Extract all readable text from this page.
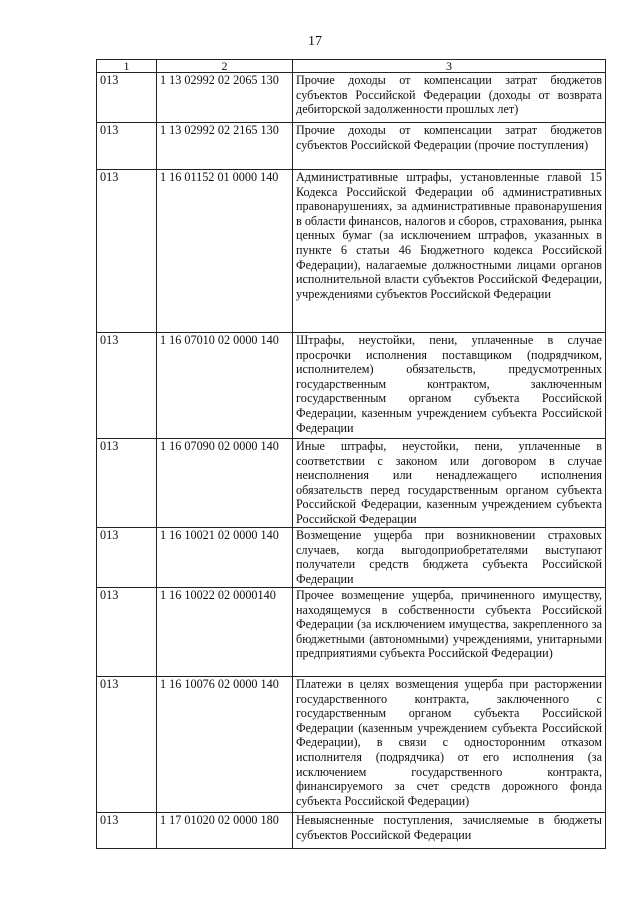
17
1	2	3
013	1 13 02992 02 2065 130	Прочие доходы от компенсации затрат бюджетов субъектов Российской Федерации (доходы от возврата дебиторской задолженности прошлых лет)
013	1 13 02992 02 2165 130	Прочие доходы от компенсации затрат бюджетов субъектов Российской Федерации (прочие поступления)
013	1 16 01152 01 0000 140	Административные штрафы, установленные главой 15 Кодекса Российской Федерации об административных правонарушениях, за административные правонарушения в области финансов, налогов и сборов, страхования, рынка ценных бумаг (за исключением штрафов, указанных в пункте 6 статьи 46 Бюджетного кодекса Российской Федерации), налагаемые должностными лицами органов исполнительной власти субъектов Российской Федерации, учреждениями субъектов Российской Федерации
013	1 16 07010 02 0000 140	Штрафы, неустойки, пени, уплаченные в случае просрочки исполнения поставщиком (подрядчиком, исполнителем) обязательств, предусмотренных государственным контрактом, заключенным государственным органом субъекта Российской Федерации, казенным учреждением субъекта Российской Федерации
013	1 16 07090 02 0000 140	Иные штрафы, неустойки, пени, уплаченные в соответствии с законом или договором в случае неисполнения или ненадлежащего исполнения обязательств перед государственным органом субъекта Российской Федерации, казенным учреждением субъекта Российской Федерации
013	1 16 10021 02 0000 140	Возмещение ущерба при возникновении страховых случаев, когда выгодоприобретателями выступают получатели средств бюджета субъекта Российской Федерации
013	1 16 10022 02 0000140	Прочее возмещение ущерба, причиненного имуществу, находящемуся в собственности субъекта Российской Федерации (за исключением имущества, закрепленного за бюджетными (автономными) учреждениями, унитарными предприятиями субъекта Российской Федерации)
013	1 16 10076 02 0000 140	Платежи в целях возмещения ущерба при расторжении государственного контракта, заключенного с государственным органом субъекта Российской Федерации (казенным учреждением субъекта Российской Федерации), в связи с односторонним отказом исполнителя (подрядчика) от его исполнения (за исключением государственного контракта, финансируемого за счет средств дорожного фонда субъекта Российской Федерации)
013	1 17 01020 02 0000 180	Невыясненные поступления, зачисляемые в бюджеты субъектов Российской Федерации
